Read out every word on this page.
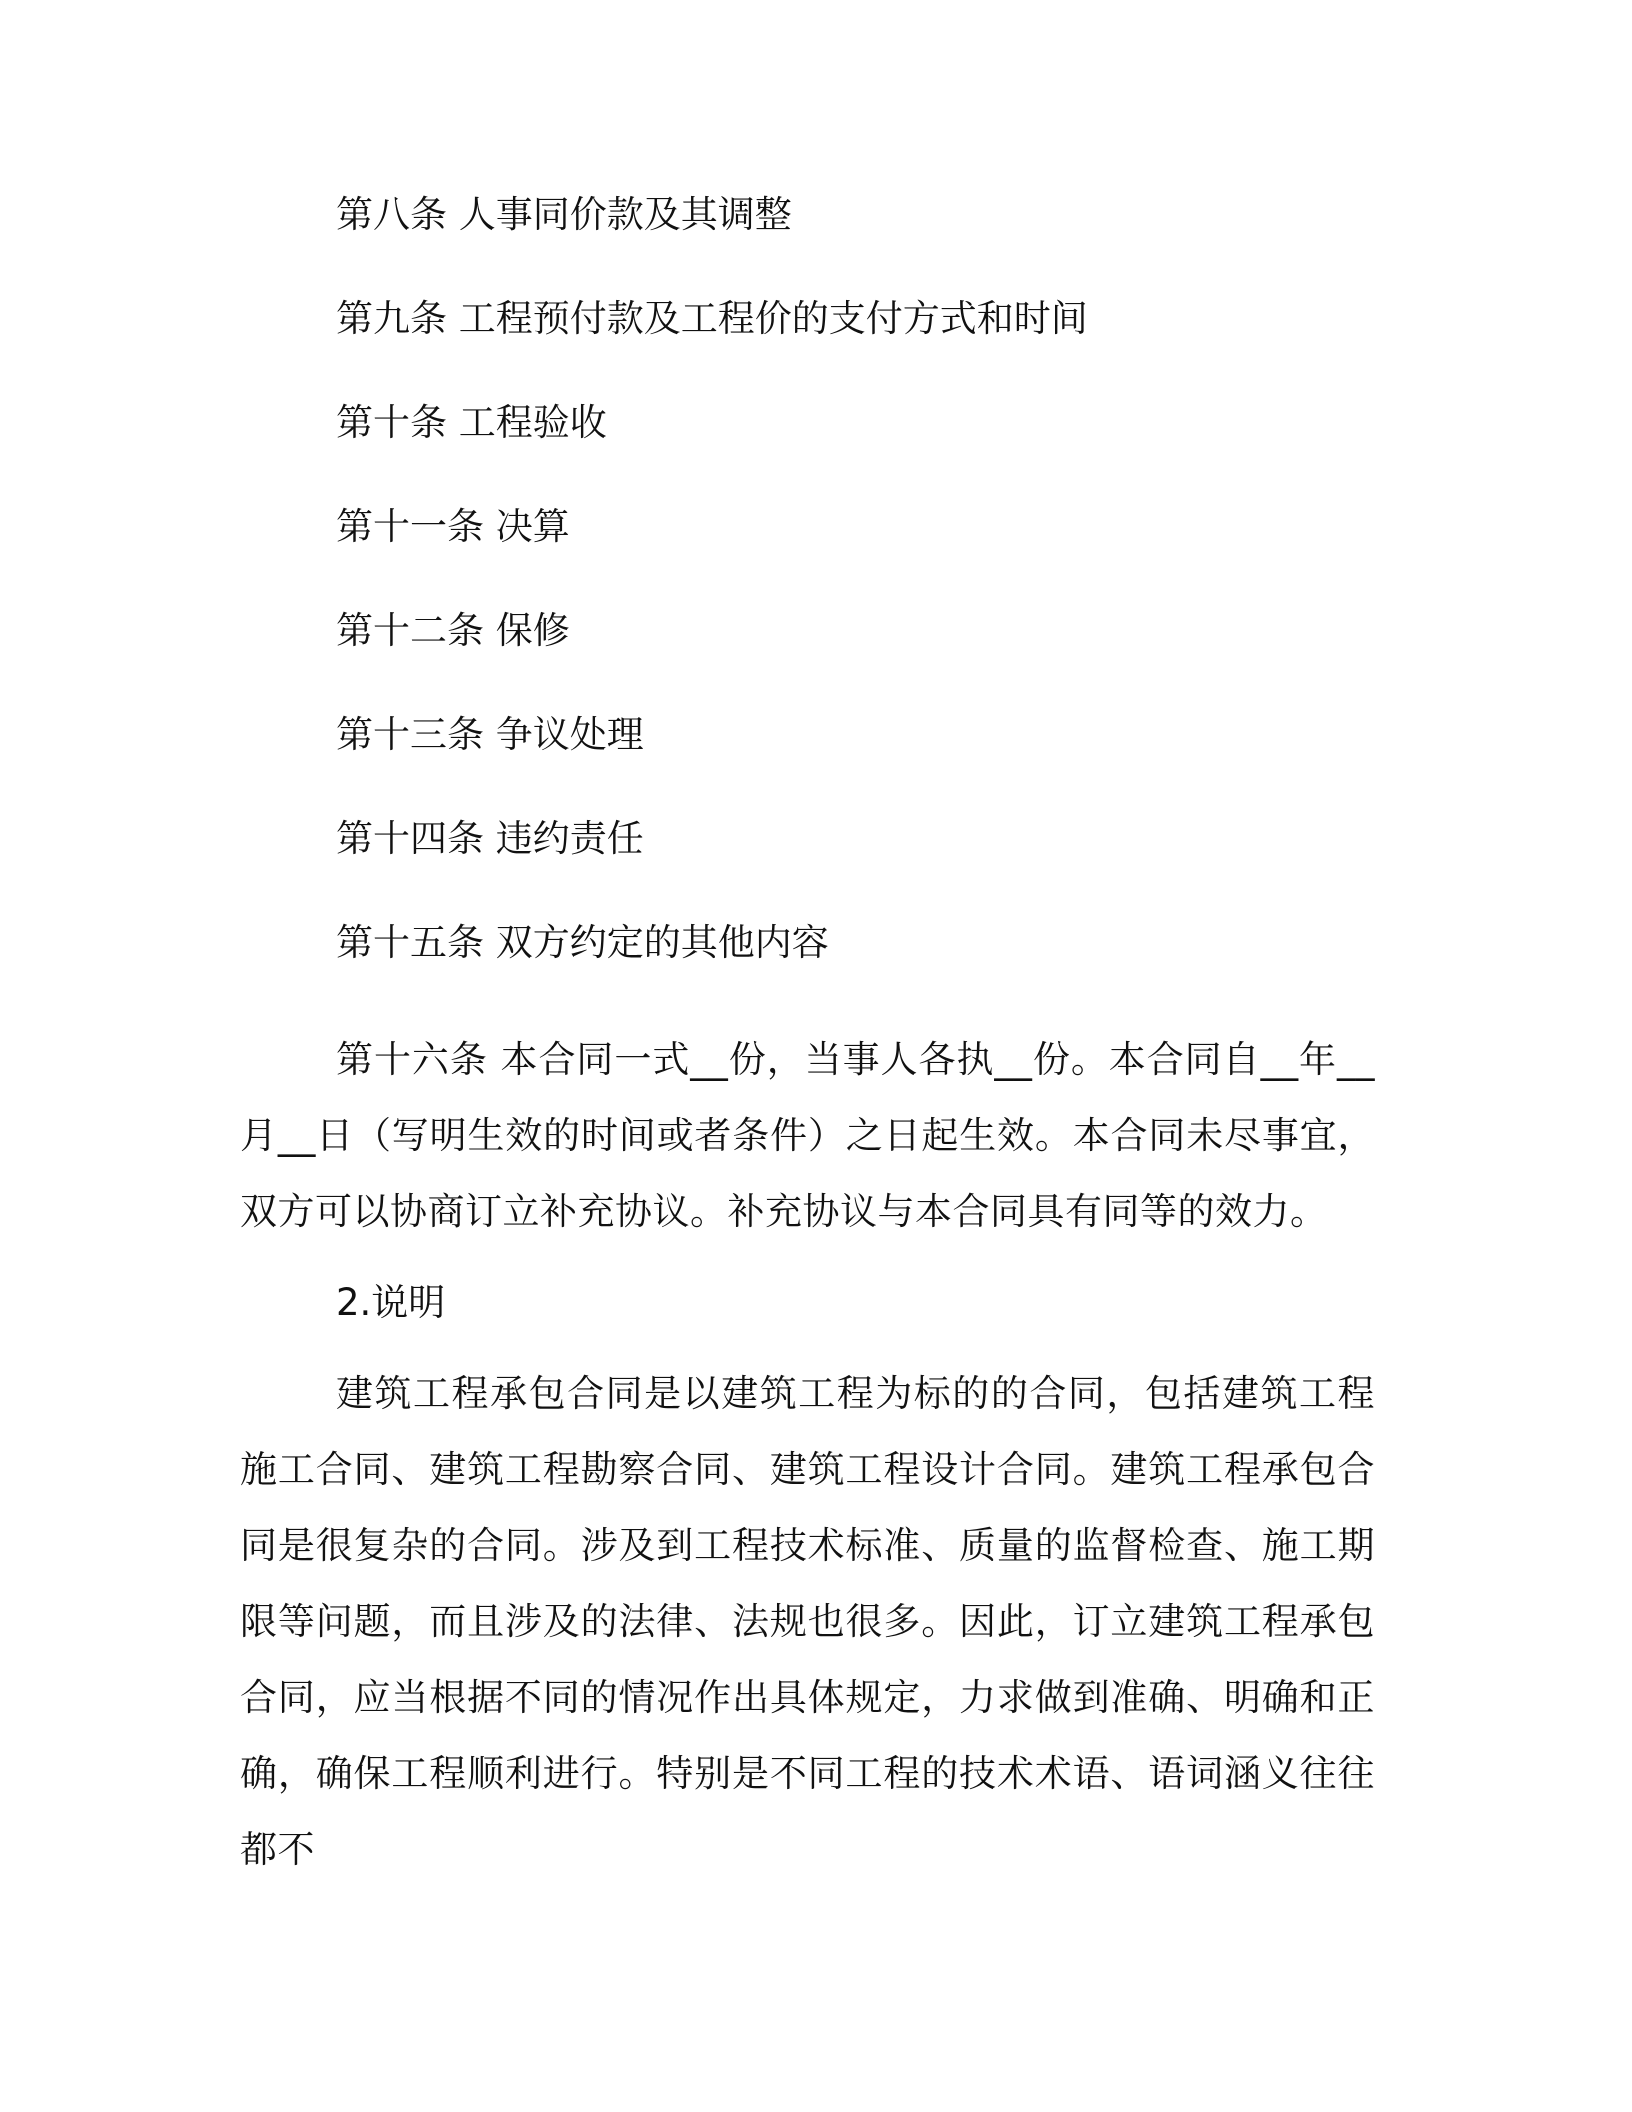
第八条 人事同价款及其调整

第九条 工程预付款及工程价的支付方式和时间

第十条 工程验收

第十一条 决算

第十二条 保修

第十三条 争议处理

第十四条 违约责任

第十五条 双方约定的其他内容

第十六条 本合同一式__份，当事人各执__份。本合同自__年__月__日（写明生效的时间或者条件）之日起生效。本合同未尽事宜，双方可以协商订立补充协议。补充协议与本合同具有同等的效力。

2.说明

建筑工程承包合同是以建筑工程为标的的合同，包括建筑工程施工合同、建筑工程勘察合同、建筑工程设计合同。建筑工程承包合同是很复杂的合同。涉及到工程技术标准、质量的监督检查、施工期限等问题，而且涉及的法律、法规也很多。因此，订立建筑工程承包合同，应当根据不同的情况作出具体规定，力求做到准确、明确和正确，确保工程顺利进行。特别是不同工程的技术术语、语词涵义往往都不
